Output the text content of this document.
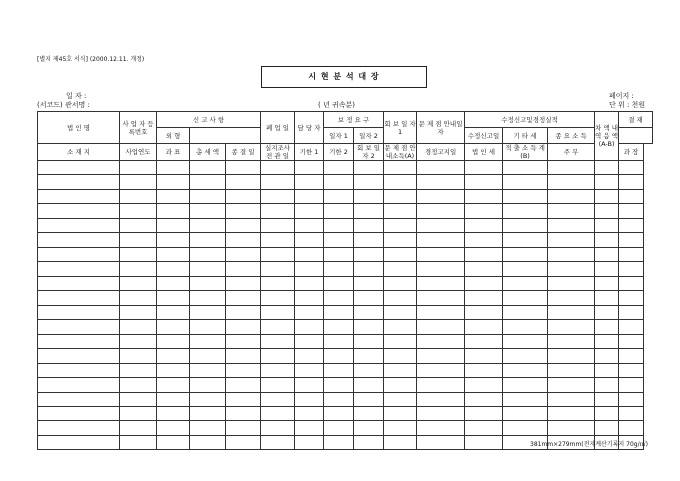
[별지 제45호 서식] (2000.12.11. 개정)
시 현 분 석 대 장
일 자 :
(서코드) 관서명 :	( 년 귀속분)
페이지 :
단 위 : 천원
법 인 명	사 업 자 등록번호	신 고 사 항			폐 업 일	담 당 자	보 정 요 구		회 보 일 자 1	문 제 점 안내일자	수정신고및경정실적			차 액 내 역 음 액 (A-B)	결 재
		외 형					일자 1	일자 2			수정신고일	기 타 세	종 요 소 득		
소 재 지	사업연도	과 표	총 세 액	종 결 일	실지조사 전 관 일	기한 1	기한 2	회 보 일 자 2	문 제 점 안내소득(A)	경정고지일	법 인 세	적 출 소 득 계(B)	주 무		과 장

381mm×279mm(전자계산기록지 70g/㎡)
